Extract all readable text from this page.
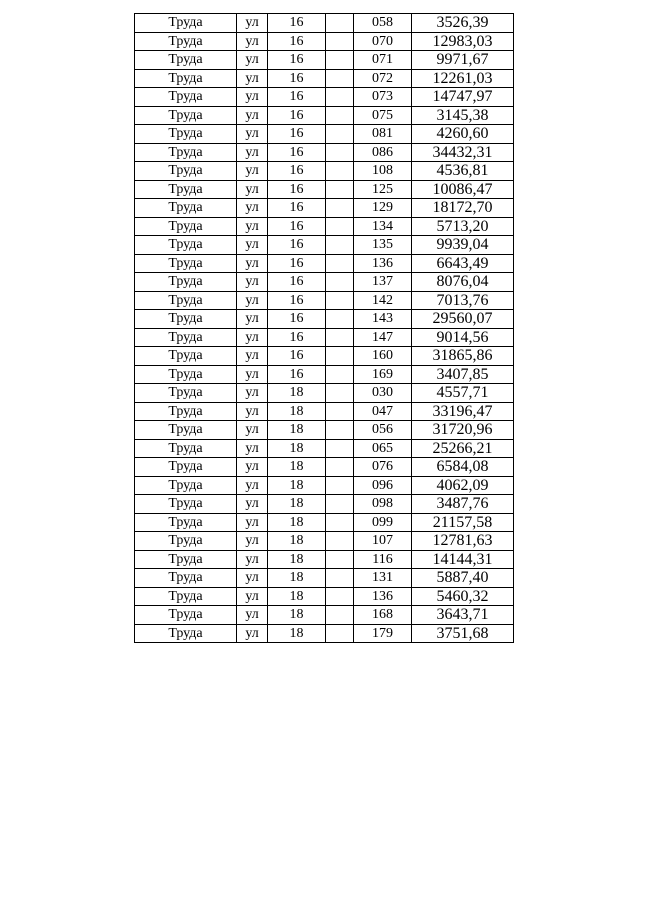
Труда	ул	16		058	3526,39
Труда	ул	16		070	12983,03
Труда	ул	16		071	9971,67
Труда	ул	16		072	12261,03
Труда	ул	16		073	14747,97
Труда	ул	16		075	3145,38
Труда	ул	16		081	4260,60
Труда	ул	16		086	34432,31
Труда	ул	16		108	4536,81
Труда	ул	16		125	10086,47
Труда	ул	16		129	18172,70
Труда	ул	16		134	5713,20
Труда	ул	16		135	9939,04
Труда	ул	16		136	6643,49
Труда	ул	16		137	8076,04
Труда	ул	16		142	7013,76
Труда	ул	16		143	29560,07
Труда	ул	16		147	9014,56
Труда	ул	16		160	31865,86
Труда	ул	16		169	3407,85
Труда	ул	18		030	4557,71
Труда	ул	18		047	33196,47
Труда	ул	18		056	31720,96
Труда	ул	18		065	25266,21
Труда	ул	18		076	6584,08
Труда	ул	18		096	4062,09
Труда	ул	18		098	3487,76
Труда	ул	18		099	21157,58
Труда	ул	18		107	12781,63
Труда	ул	18		116	14144,31
Труда	ул	18		131	5887,40
Труда	ул	18		136	5460,32
Труда	ул	18		168	3643,71
Труда	ул	18		179	3751,68
